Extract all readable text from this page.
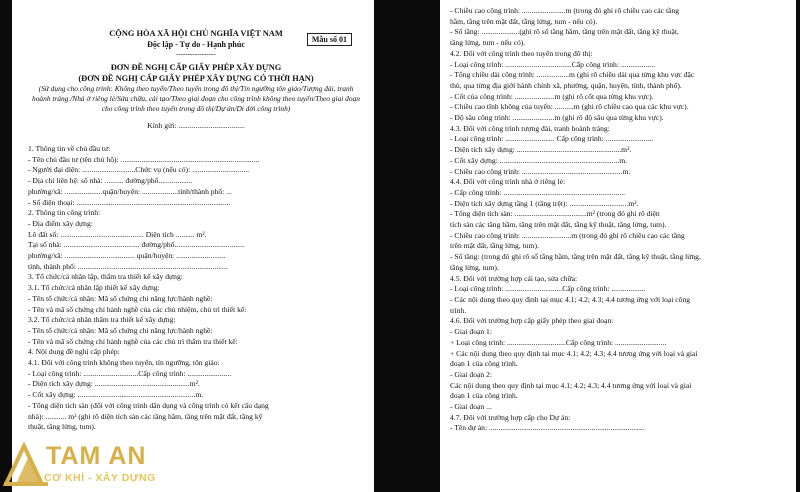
Mẫu số 01
CỘNG HÒA XÃ HỘI CHỦ NGHĨA VIỆT NAM
Độc lập - Tự do - Hạnh phúc
-----------------
ĐƠN ĐỀ NGHỊ CẤP GIẤY PHÉP XÂY DỰNG
(ĐƠN ĐỀ NGHỊ CẤP GIẤY PHÉP XÂY DỰNG CÓ THỜI HẠN)
(Sử dụng cho công trình: Không theo tuyến/Theo tuyến trong đô thị/Tín ngưỡng tôn giáo/Tượng đài, tranh hoành tráng /Nhà ở riêng lẻ/Sửa chữa, cải tạo/Theo giai đoạn cho công trình không theo tuyến/Theo giai đoạn cho công trình theo tuyến trong đô thị/Dự án/Di dời công trình)
Kính gửi: ...................................
1. Thông tin về chủ đầu tư:
- Tên chủ đầu tư (tên chủ hộ): .........................................................................
- Người đại diện: ............................Chức vụ (nếu có): ..............................
- Địa chỉ liên hệ: số nhà: .......... đường/phố..................
phường/xã: ....................quận/huyện: ...................tỉnh/thành phố: ...
- Số điện thoại: .................................................................................
2. Thông tin công trình:
- Địa điểm xây dựng:
Lô đất số: ............................................ Diện tích .......... m².
Tại số nhà: ........................................ đường/phố.....................................
phường/xã: ..................................... quận/huyện: ..........................
tỉnh, thành phố: ...............................................................................
3. Tổ chức/cá nhân lập, thẩm tra thiết kế xây dựng:
3.1. Tổ chức/cá nhân lập thiết kế xây dựng:
- Tên tổ chức/cá nhân: Mã số chứng chỉ năng lực/hành nghề:
- Tên và mã số chứng chỉ hành nghề của các chủ nhiệm, chủ trì thiết kế:
3.2. Tổ chức/cá nhân thẩm tra thiết kế xây dựng:
- Tên tổ chức/cá nhân: Mã số chứng chỉ năng lực/hành nghề:
- Tên và mã số chứng chỉ hành nghề của các chủ trì thẩm tra thiết kế:
4. Nội dung đề nghị cấp phép:
4.1. Đối với công trình không theo tuyến, tín ngưỡng, tôn giáo:
- Loại công trình: .............................Cấp công trình: .......................
- Diện tích xây dựng: ..................................................m².
- Cốt xây dựng: ..............................................................m.
- Tổng diện tích sàn (đối với công trình dân dụng và công trình có kết cấu dạng
nhà): ........... m² (ghi rõ diện tích sàn các tầng hầm, tầng trên mặt đất, tầng kỹ
thuật, tầng lửng, tum).
- Chiều cao công trình: .......................m (trong đó ghi rõ chiều cao các tầng
hầm, tầng trên mặt đất, tầng lửng, tum - nếu có).
- Số tầng: ....................(ghi rõ số tầng hầm, tầng trên mặt đất, tầng kỹ thuật,
tầng lửng, tum - nếu có).
4.2. Đối với công trình theo tuyến trong đô thị:
- Loại công trình: ...................................Cấp công trình: ..................
- Tổng chiều dài công trình: .................m (ghi rõ chiều dài qua từng khu vực đặc
thù, qua từng địa giới hành chính xã, phường, quận, huyện, tỉnh, thành phố).
- Cốt của công trình: .....................m (ghi rõ cốt qua từng khu vực).
- Chiều cao tĩnh không của tuyến: ..........m (ghi rõ chiều cao qua các khu vực).
- Độ sâu công trình: ......................m (ghi rõ độ sâu qua từng khu vực).
4.3. Đối với công trình tượng đài, tranh hoành tráng:
- Loại công trình: .......................... Cấp công trình: .........................
- Diện tích xây dựng: .......................................................m².
- Cốt xây dựng: ...............................................................m.
- Chiều cao công trình: .....................................................m.
4.4. Đối với công trình nhà ở riêng lẻ:
- Cấp công trình: ................................................................
- Diện tích xây dựng tầng 1 (tầng trệt): ...............................m².
- Tổng diện tích sàn: ......................................m² (trong đó ghi rõ diện
tích sàn các tầng hầm, tầng trên mặt đất, tầng kỹ thuật, tầng lửng, tum).
- Chiều cao công trình: ..........................m (trong đó ghi rõ chiều cao các tầng
trên mặt đất, tầng lửng, tum).
- Số tầng: (trong đó ghi rõ số tầng hầm, tầng trên mặt đất, tầng kỹ thuật, tầng lửng,
tầng lửng, tum).
4.5. Đối với trường hợp cải tạo, sửa chữa:
- Loại công trình: ..............................Cấp công trình: ..................
- Các nội dung theo quy định tại mục 4.1; 4.2; 4.3; 4.4 tương ứng với loại công
trình.
4.6. Đối với trường hợp cấp giấy phép theo giai đoạn:
- Giai đoạn 1:
+ Loại công trình: ...............................Cấp công trình: ...........................
+ Các nội dung theo quy định tại mục 4.1; 4.2; 4.3; 4.4 tương ứng với loại và giai
đoạn 1 của công trình.
- Giai đoạn 2:
Các nội dung theo quy định tại mục 4.1; 4.2; 4.3; 4.4 tương ứng với loại và giai
đoạn 1 của công trình.
- Giai đoạn ...
4.7. Đối với trường hợp cấp cho Dự án:
- Tên dự án: ..................................................................................
TAM AN
CƠ KHÍ - XÂY DỰNG
